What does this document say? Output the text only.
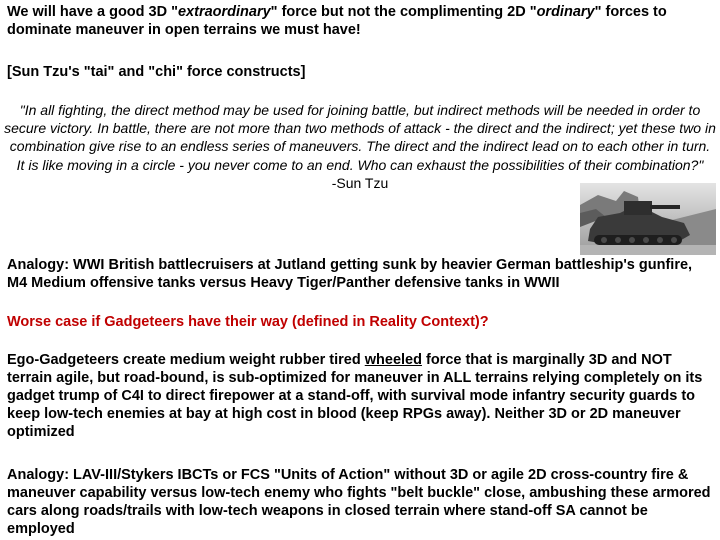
We will have a good 3D "extraordinary" force but not the complimenting 2D "ordinary" forces to dominate maneuver in open terrains we must have!
[Sun Tzu's "tai" and "chi" force constructs]
"In all fighting, the direct method may be used for joining battle, but indirect methods will be needed in order to secure victory. In battle, there are not more than two methods of attack - the direct and the indirect; yet these two in combination give rise to an endless series of maneuvers. The direct and the indirect lead on to each other in turn. It is like moving in a circle - you never come to an end. Who can exhaust the possibilities of their combination?"
-Sun Tzu
Analogy: WWI British battlecruisers at Jutland getting sunk by heavier German battleship's gunfire, M4 Medium offensive tanks versus Heavy Tiger/Panther defensive tanks in WWII
Worse case if Gadgeteers have their way (defined in Reality Context)?
Ego-Gadgeteers create medium weight rubber tired wheeled force that is marginally 3D and NOT terrain agile, but road-bound, is sub-optimized for maneuver in ALL terrains relying completely on its gadget trump of C4I to direct firepower at a stand-off, with survival mode infantry security guards to keep low-tech enemies at bay at high cost in blood (keep RPGs away). Neither 3D or 2D maneuver optimized
Analogy: LAV-III/Stykers IBCTs or FCS "Units of Action" without 3D or agile 2D cross-country fire & maneuver capability versus low-tech enemy who fights "belt buckle" close, ambushing these armored cars along roads/trails with low-tech weapons in closed terrain where stand-off SA cannot be employed
